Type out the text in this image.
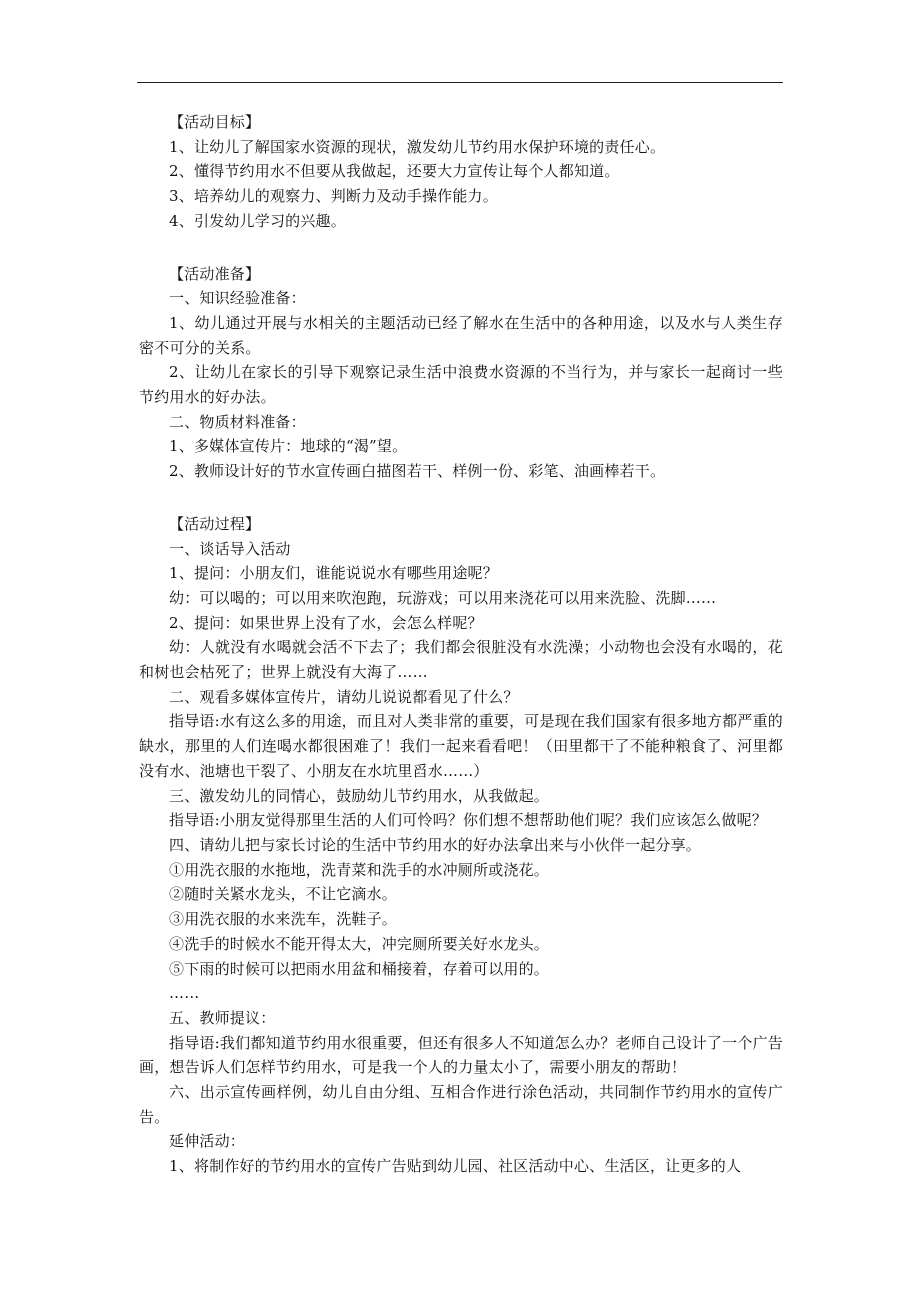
【活动目标】

1、让幼儿了解国家水资源的现状，激发幼儿节约用水保护环境的责任心。

2、懂得节约用水不但要从我做起，还要大力宣传让每个人都知道。

3、培养幼儿的观察力、判断力及动手操作能力。

4、引发幼儿学习的兴趣。

【活动准备】

一、知识经验准备：

1、幼儿通过开展与水相关的主题活动已经了解水在生活中的各种用途，以及水与人类生存密不可分的关系。

2、让幼儿在家长的引导下观察记录生活中浪费水资源的不当行为，并与家长一起商讨一些节约用水的好办法。

二、物质材料准备：

1、多媒体宣传片：地球的“渴”望。

2、教师设计好的节水宣传画白描图若干、样例一份、彩笔、油画棒若干。

【活动过程】

一、谈话导入活动

1、提问：小朋友们，谁能说说水有哪些用途呢？

幼：可以喝的；可以用来吹泡跑，玩游戏；可以用来浇花可以用来洗脸、洗脚……

2、提问：如果世界上没有了水，会怎么样呢？

幼：人就没有水喝就会活不下去了；我们都会很脏没有水洗澡；小动物也会没有水喝的，花和树也会枯死了；世界上就没有大海了……

二、观看多媒体宣传片，请幼儿说说都看见了什么？

指导语:水有这么多的用途，而且对人类非常的重要，可是现在我们国家有很多地方都严重的缺水，那里的人们连喝水都很困难了！我们一起来看看吧！（田里都干了不能种粮食了、河里都没有水、池塘也干裂了、小朋友在水坑里舀水……）

三、激发幼儿的同情心，鼓励幼儿节约用水，从我做起。

指导语:小朋友觉得那里生活的人们可怜吗？你们想不想帮助他们呢？我们应该怎么做呢？

四、请幼儿把与家长讨论的生活中节约用水的好办法拿出来与小伙伴一起分享。

①用洗衣服的水拖地，洗青菜和洗手的水冲厕所或浇花。

②随时关紧水龙头，不让它滴水。

③用洗衣服的水来洗车，洗鞋子。

④洗手的时候水不能开得太大，冲完厕所要关好水龙头。

⑤下雨的时候可以把雨水用盆和桶接着，存着可以用的。

……

五、教师提议：

指导语:我们都知道节约用水很重要，但还有很多人不知道怎么办？老师自己设计了一个广告画，想告诉人们怎样节约用水，可是我一个人的力量太小了，需要小朋友的帮助！

六、出示宣传画样例，幼儿自由分组、互相合作进行涂色活动，共同制作节约用水的宣传广告。

延伸活动：

1、将制作好的节约用水的宣传广告贴到幼儿园、社区活动中心、生活区，让更多的人
